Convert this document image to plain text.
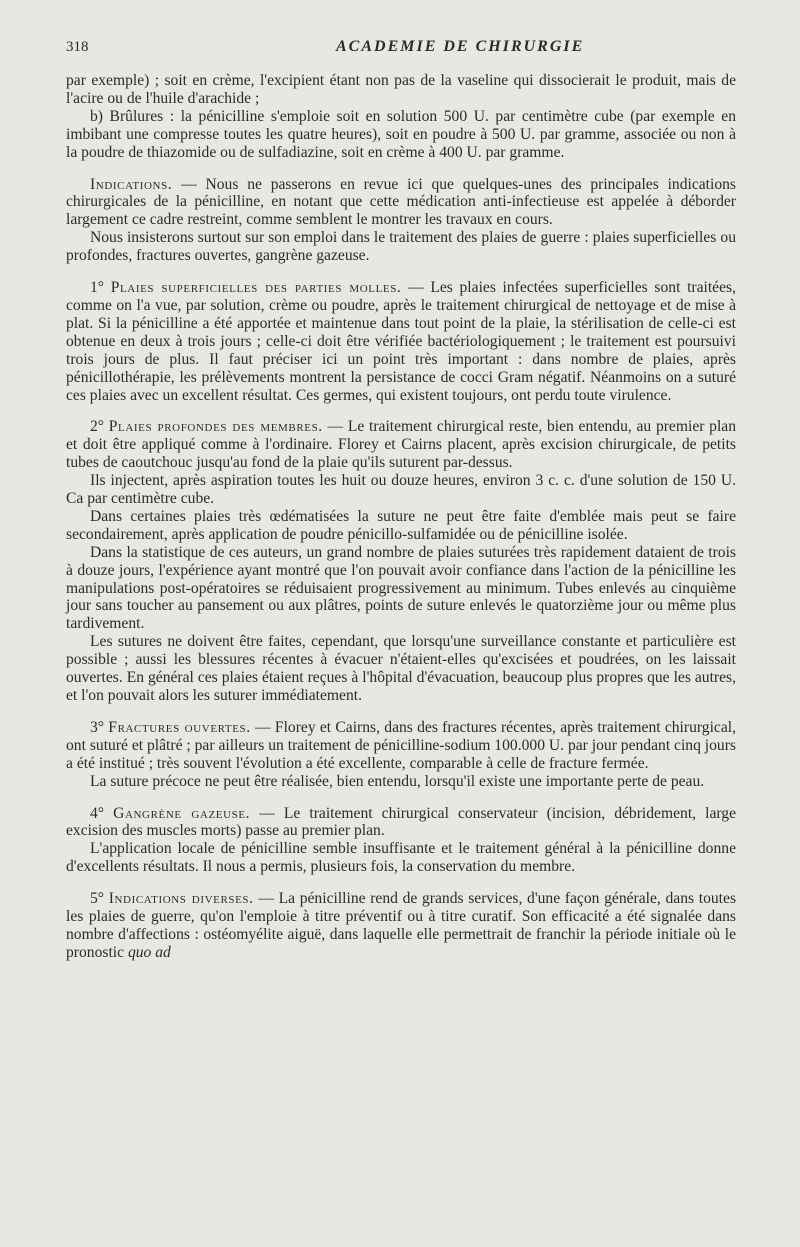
318	ACADEMIE DE CHIRURGIE

par exemple) ; soit en crème, l'excipient étant non pas de la vaseline qui dissocierait le produit, mais de l'acire ou de l'huile d'arachide ;

b) Brûlures : la pénicilline s'emploie soit en solution 500 U. par centimètre cube (par exemple en imbibant une compresse toutes les quatre heures), soit en poudre à 500 U. par gramme, associée ou non à la poudre de thiazomide ou de sulfadiazine, soit en crème à 400 U. par gramme.

Indications. — Nous ne passerons en revue ici que quelques-unes des principales indications chirurgicales de la pénicilline, en notant que cette médication anti-infectieuse est appelée à déborder largement ce cadre restreint, comme semblent le montrer les travaux en cours.

Nous insisterons surtout sur son emploi dans le traitement des plaies de guerre : plaies superficielles ou profondes, fractures ouvertes, gangrène gazeuse.

1° Plaies superficielles des parties molles. — Les plaies infectées superficielles sont traitées, comme on l'a vue, par solution, crème ou poudre, après le traitement chirurgical de nettoyage et de mise à plat. Si la pénicilline a été apportée et maintenue dans tout point de la plaie, la stérilisation de celle-ci est obtenue en deux à trois jours ; celle-ci doit être vérifiée bactériologiquement ; le traitement est poursuivi trois jours de plus. Il faut préciser ici un point très important : dans nombre de plaies, après pénicillothérapie, les prélèvements montrent la persistance de cocci Gram négatif. Néanmoins on a suturé ces plaies avec un excellent résultat. Ces germes, qui existent toujours, ont perdu toute virulence.

2° Plaies profondes des membres. — Le traitement chirurgical reste, bien entendu, au premier plan et doit être appliqué comme à l'ordinaire. Florey et Cairns placent, après excision chirurgicale, de petits tubes de caoutchouc jusqu'au fond de la plaie qu'ils suturent par-dessus.

Ils injectent, après aspiration toutes les huit ou douze heures, environ 3 c. c. d'une solution de 150 U. Ca par centimètre cube.

Dans certaines plaies très œdématisées la suture ne peut être faite d'emblée mais peut se faire secondairement, après application de poudre pénicillo-sulfamidée ou de pénicilline isolée.

Dans la statistique de ces auteurs, un grand nombre de plaies suturées très rapidement dataient de trois à douze jours, l'expérience ayant montré que l'on pouvait avoir confiance dans l'action de la pénicilline les manipulations post-opératoires se réduisaient progressivement au minimum. Tubes enlevés au cinquième jour sans toucher au pansement ou aux plâtres, points de suture enlevés le quatorzième jour ou même plus tardivement.

Les sutures ne doivent être faites, cependant, que lorsqu'une surveillance constante et particulière est possible ; aussi les blessures récentes à évacuer n'étaient-elles qu'excisées et poudrées, on les laissait ouvertes. En général ces plaies étaient reçues à l'hôpital d'évacuation, beaucoup plus propres que les autres, et l'on pouvait alors les suturer immédiatement.

3° Fractures ouvertes. — Florey et Cairns, dans des fractures récentes, après traitement chirurgical, ont suturé et plâtré ; par ailleurs un traitement de pénicilline-sodium 100.000 U. par jour pendant cinq jours a été institué ; très souvent l'évolution a été excellente, comparable à celle de fracture fermée.

La suture précoce ne peut être réalisée, bien entendu, lorsqu'il existe une importante perte de peau.

4° Gangrène gazeuse. — Le traitement chirurgical conservateur (incision, débridement, large excision des muscles morts) passe au premier plan.

L'application locale de pénicilline semble insuffisante et le traitement général à la pénicilline donne d'excellents résultats. Il nous a permis, plusieurs fois, la conservation du membre.

5° Indications diverses. — La pénicilline rend de grands services, d'une façon générale, dans toutes les plaies de guerre, qu'on l'emploie à titre préventif ou à titre curatif. Son efficacité a été signalée dans nombre d'affections : ostéomyélite aiguë, dans laquelle elle permettrait de franchir la période initiale où le pronostic quo ad
